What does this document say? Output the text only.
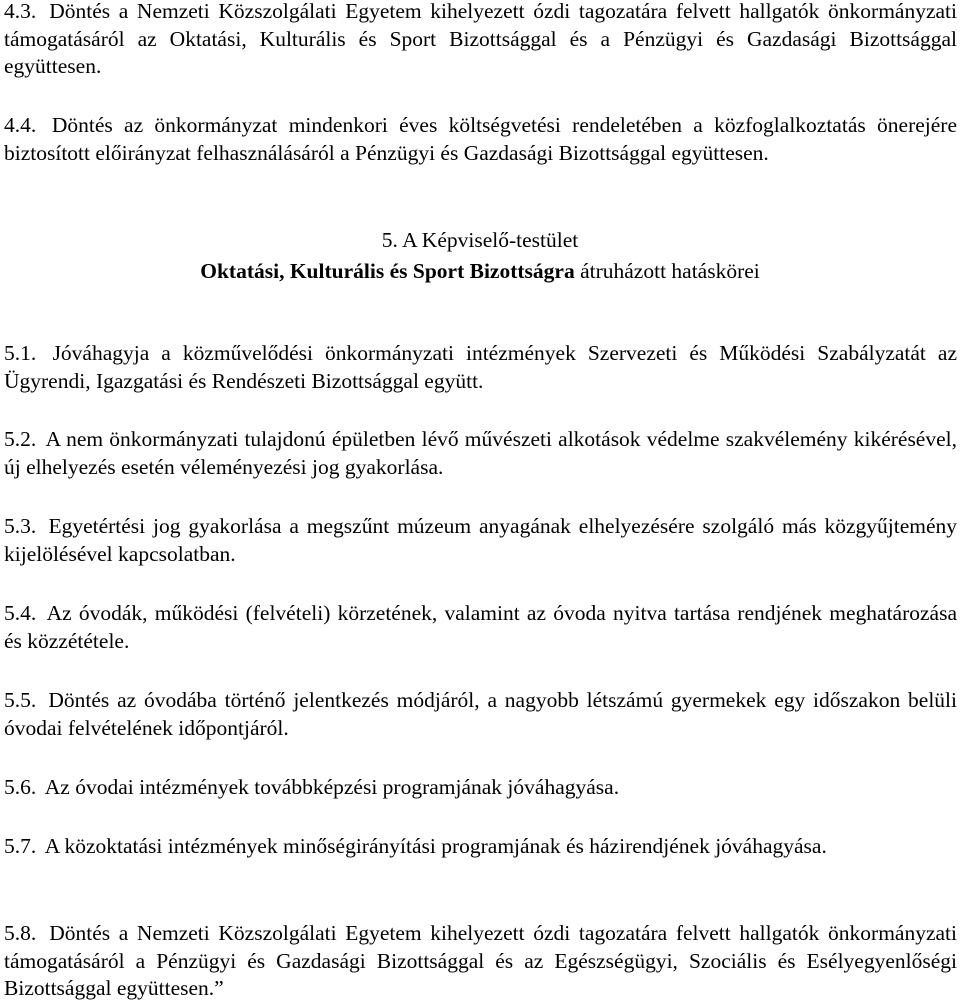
4.3. Döntés a Nemzeti Közszolgálati Egyetem kihelyezett ózdi tagozatára felvett hallgatók önkormányzati támogatásáról az Oktatási, Kulturális és Sport Bizottsággal és a Pénzügyi és Gazdasági Bizottsággal együttesen.

4.4. Döntés az önkormányzat mindenkori éves költségvetési rendeletében a közfoglalkoztatás önerejére biztosított előirányzat felhasználásáról a Pénzügyi és Gazdasági Bizottsággal együttesen.

5. A Képviselő-testület
Oktatási, Kulturális és Sport Bizottságra átruházott hatáskörei

5.1. Jóváhagyja a közművelődési önkormányzati intézmények Szervezeti és Működési Szabályzatát az Ügyrendi, Igazgatási és Rendészeti Bizottsággal együtt.

5.2. A nem önkormányzati tulajdonú épületben lévő művészeti alkotások védelme szakvélemény kikérésével, új elhelyezés esetén véleményezési jog gyakorlása.

5.3. Egyetértési jog gyakorlása a megszűnt múzeum anyagának elhelyezésére szolgáló más közgyűjtemény kijelölésével kapcsolatban.

5.4. Az óvodák, működési (felvételi) körzetének, valamint az óvoda nyitva tartása rendjének meghatározása és közzététele.

5.5. Döntés az óvodába történő jelentkezés módjáról, a nagyobb létszámú gyermekek egy időszakon belüli óvodai felvételének időpontjáról.

5.6. Az óvodai intézmények továbbképzési programjának jóváhagyása.

5.7. A közoktatási intézmények minőségirányítási programjának és házirendjének jóváhagyása.

5.8. Döntés a Nemzeti Közszolgálati Egyetem kihelyezett ózdi tagozatára felvett hallgatók önkormányzati támogatásáról a Pénzügyi és Gazdasági Bizottsággal és az Egészségügyi, Szociális és Esélyegyenlőségi Bizottsággal együttesen.”
